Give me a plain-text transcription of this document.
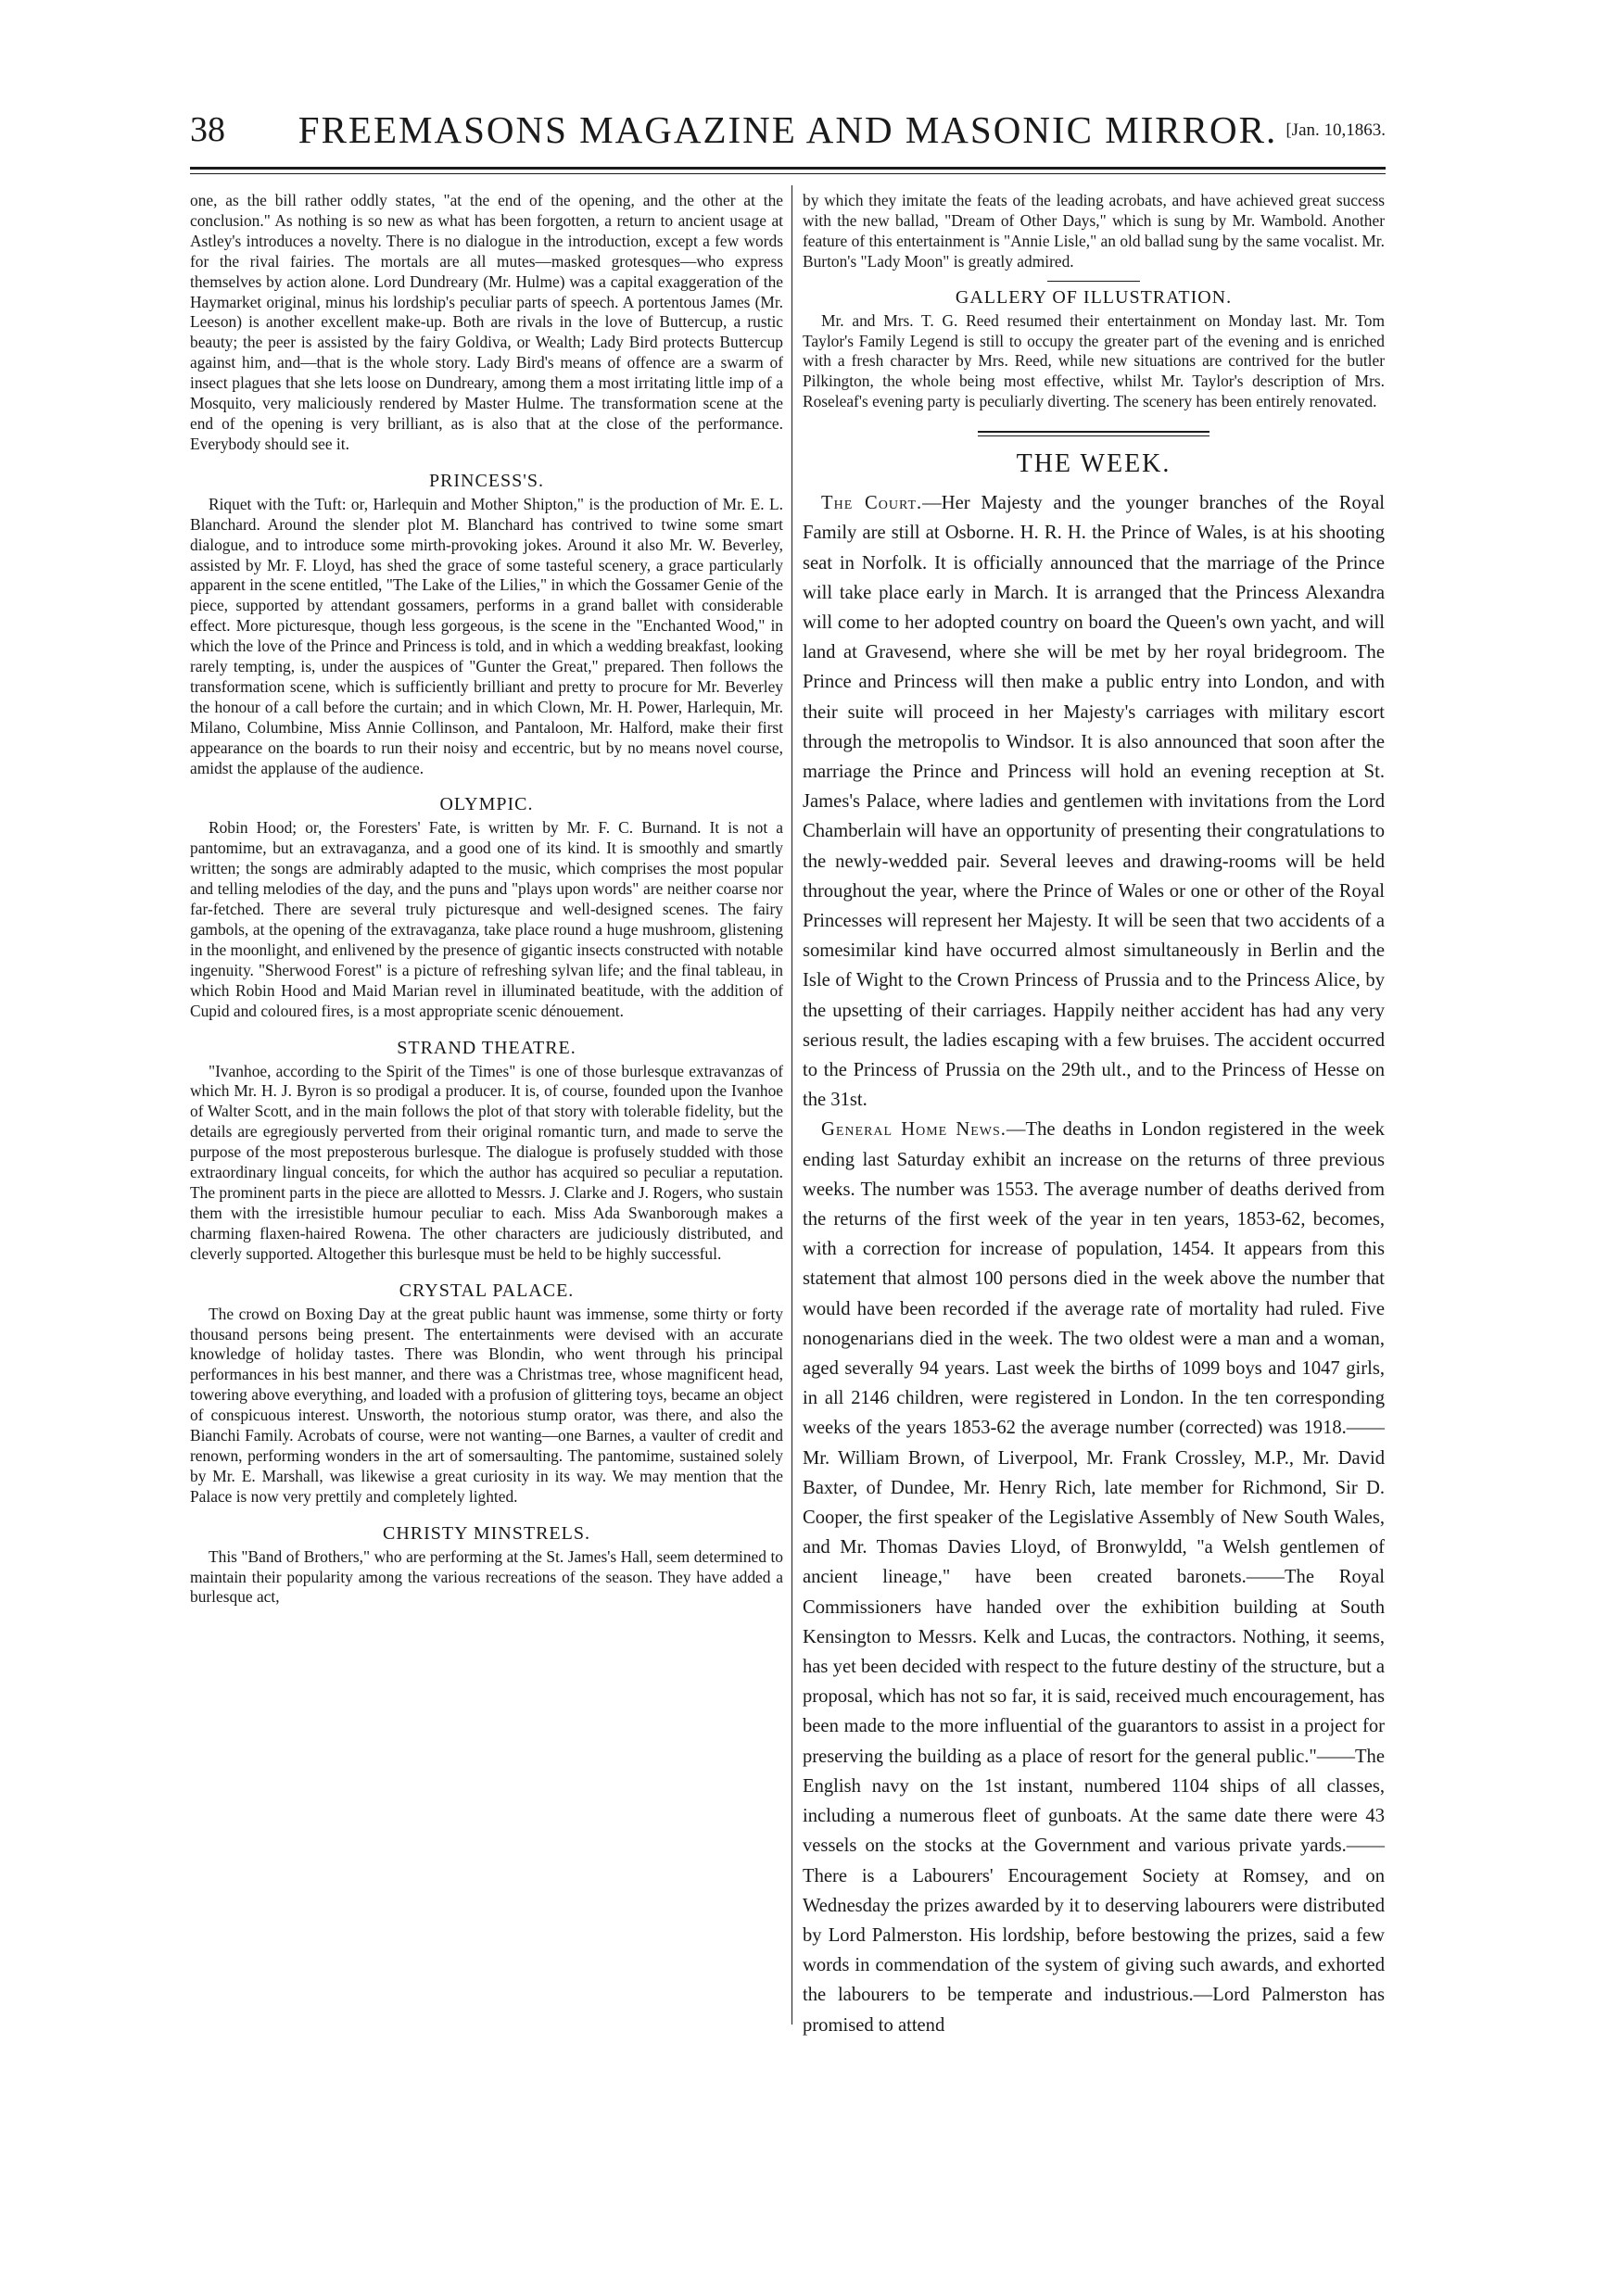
38	FREEMASONS MAGAZINE AND MASONIC MIRROR. [Jan. 10,1863.

one, as the bill rather oddly states, "at the end of the opening, and the other at the conclusion." As nothing is so new as what has been forgotten, a return to ancient usage at Astley's introduces a novelty. There is no dialogue in the introduction, except a few words for the rival fairies. The mortals are all mutes—masked grotesques—who express themselves by action alone. Lord Dundreary (Mr. Hulme) was a capital exaggeration of the Haymarket original, minus his lordship's peculiar parts of speech. A portentous James (Mr. Leeson) is another excellent make-up. Both are rivals in the love of Buttercup, a rustic beauty; the peer is assisted by the fairy Goldiva, or Wealth; Lady Bird protects Buttercup against him, and—that is the whole story. Lady Bird's means of offence are a swarm of insect plagues that she lets loose on Dundreary, among them a most irritating little imp of a Mosquito, very maliciously rendered by Master Hulme. The transformation scene at the end of the opening is very brilliant, as is also that at the close of the performance. Everybody should see it.

PRINCESS'S.

Riquet with the Tuft: or, Harlequin and Mother Shipton," is the production of Mr. E. L. Blanchard. Around the slender plot M. Blanchard has contrived to twine some smart dialogue, and to introduce some mirth-provoking jokes. Around it also Mr. W. Beverley, assisted by Mr. F. Lloyd, has shed the grace of some tasteful scenery, a grace particularly apparent in the scene entitled, "The Lake of the Lilies," in which the Gossamer Genie of the piece, supported by attendant gossamers, performs in a grand ballet with considerable effect. More picturesque, though less gorgeous, is the scene in the "Enchanted Wood," in which the love of the Prince and Princess is told, and in which a wedding breakfast, looking rarely tempting, is, under the auspices of "Gunter the Great," prepared. Then follows the transformation scene, which is sufficiently brilliant and pretty to procure for Mr. Beverley the honour of a call before the curtain; and in which Clown, Mr. H. Power, Harlequin, Mr. Milano, Columbine, Miss Annie Collinson, and Pantaloon, Mr. Halford, make their first appearance on the boards to run their noisy and eccentric, but by no means novel course, amidst the applause of the audience.

OLYMPIC.

Robin Hood; or, the Foresters' Fate, is written by Mr. F. C. Burnand. It is not a pantomime, but an extravaganza, and a good one of its kind. It is smoothly and smartly written; the songs are admirably adapted to the music, which comprises the most popular and telling melodies of the day, and the puns and "plays upon words" are neither coarse nor far-fetched. There are several truly picturesque and well-designed scenes. The fairy gambols, at the opening of the extravaganza, take place round a huge mushroom, glistening in the moonlight, and enlivened by the presence of gigantic insects constructed with notable ingenuity. "Sherwood Forest" is a picture of refreshing sylvan life; and the final tableau, in which Robin Hood and Maid Marian revel in illuminated beatitude, with the addition of Cupid and coloured fires, is a most appropriate scenic dénouement.

STRAND THEATRE.

"Ivanhoe, according to the Spirit of the Times" is one of those burlesque extravanzas of which Mr. H. J. Byron is so prodigal a producer. It is, of course, founded upon the Ivanhoe of Walter Scott, and in the main follows the plot of that story with tolerable fidelity, but the details are egregiously perverted from their original romantic turn, and made to serve the purpose of the most preposterous burlesque. The dialogue is profusely studded with those extraordinary lingual conceits, for which the author has acquired so peculiar a reputation. The prominent parts in the piece are allotted to Messrs. J. Clarke and J. Rogers, who sustain them with the irresistible humour peculiar to each. Miss Ada Swanborough makes a charming flaxen-haired Rowena. The other characters are judiciously distributed, and cleverly supported. Altogether this burlesque must be held to be highly successful.

CRYSTAL PALACE.

The crowd on Boxing Day at the great public haunt was immense, some thirty or forty thousand persons being present. The entertainments were devised with an accurate knowledge of holiday tastes. There was Blondin, who went through his principal performances in his best manner, and there was a Christmas tree, whose magnificent head, towering above everything, and loaded with a profusion of glittering toys, became an object of conspicuous interest. Unsworth, the notorious stump orator, was there, and also the Bianchi Family. Acrobats of course, were not wanting—one Barnes, a vaulter of credit and renown, performing wonders in the art of somersaulting. The pantomime, sustained solely by Mr. E. Marshall, was likewise a great curiosity in its way. We may mention that the Palace is now very prettily and completely lighted.

CHRISTY MINSTRELS.

This "Band of Brothers," who are performing at the St. James's Hall, seem determined to maintain their popularity among the various recreations of the season. They have added a burlesque act,

by which they imitate the feats of the leading acrobats, and have achieved great success with the new ballad, "Dream of Other Days," which is sung by Mr. Wambold. Another feature of this entertainment is "Annie Lisle," an old ballad sung by the same vocalist. Mr. Burton's "Lady Moon" is greatly admired.

GALLERY OF ILLUSTRATION.

Mr. and Mrs. T. G. Reed resumed their entertainment on Monday last. Mr. Tom Taylor's Family Legend is still to occupy the greater part of the evening and is enriched with a fresh character by Mrs. Reed, while new situations are contrived for the butler Pilkington, the whole being most effective, whilst Mr. Taylor's description of Mrs. Roseleaf's evening party is peculiarly diverting. The scenery has been entirely renovated.

THE WEEK.

The Court.—Her Majesty and the younger branches of the Royal Family are still at Osborne. H. R. H. the Prince of Wales, is at his shooting seat in Norfolk. It is officially announced that the marriage of the Prince will take place early in March. It is arranged that the Princess Alexandra will come to her adopted country on board the Queen's own yacht, and will land at Gravesend, where she will be met by her royal bridegroom. The Prince and Princess will then make a public entry into London, and with their suite will proceed in her Majesty's carriages with military escort through the metropolis to Windsor. It is also announced that soon after the marriage the Prince and Princess will hold an evening reception at St. James's Palace, where ladies and gentlemen with invitations from the Lord Chamberlain will have an opportunity of presenting their congratulations to the newly-wedded pair. Several leeves and drawing-rooms will be held throughout the year, where the Prince of Wales or one or other of the Royal Princesses will represent her Majesty. It will be seen that two accidents of a somesimilar kind have occurred almost simultaneously in Berlin and the Isle of Wight to the Crown Princess of Prussia and to the Princess Alice, by the upsetting of their carriages. Happily neither accident has had any very serious result, the ladies escaping with a few bruises. The accident occurred to the Princess of Prussia on the 29th ult., and to the Princess of Hesse on the 31st.

General Home News.—The deaths in London registered in the week ending last Saturday exhibit an increase on the returns of three previous weeks. The number was 1553. The average number of deaths derived from the returns of the first week of the year in ten years, 1853-62, becomes, with a correction for increase of population, 1454. It appears from this statement that almost 100 persons died in the week above the number that would have been recorded if the average rate of mortality had ruled. Five nonogenarians died in the week. The two oldest were a man and a woman, aged severally 94 years. Last week the births of 1099 boys and 1047 girls, in all 2146 children, were registered in London. In the ten corresponding weeks of the years 1853-62 the average number (corrected) was 1918.——Mr. William Brown, of Liverpool, Mr. Frank Crossley, M.P., Mr. David Baxter, of Dundee, Mr. Henry Rich, late member for Richmond, Sir D. Cooper, the first speaker of the Legislative Assembly of New South Wales, and Mr. Thomas Davies Lloyd, of Bronwyldd, "a Welsh gentlemen of ancient lineage," have been created baronets.——The Royal Commissioners have handed over the exhibition building at South Kensington to Messrs. Kelk and Lucas, the contractors. Nothing, it seems, has yet been decided with respect to the future destiny of the structure, but a proposal, which has not so far, it is said, received much encouragement, has been made to the more influential of the guarantors to assist in a project for preserving the building as a place of resort for the general public."——The English navy on the 1st instant, numbered 1104 ships of all classes, including a numerous fleet of gunboats. At the same date there were 43 vessels on the stocks at the Government and various private yards.——There is a Labourers' Encouragement Society at Romsey, and on Wednesday the prizes awarded by it to deserving labourers were distributed by Lord Palmerston. His lordship, before bestowing the prizes, said a few words in commendation of the system of giving such awards, and exhorted the labourers to be temperate and industrious.—Lord Palmerston has promised to attend
